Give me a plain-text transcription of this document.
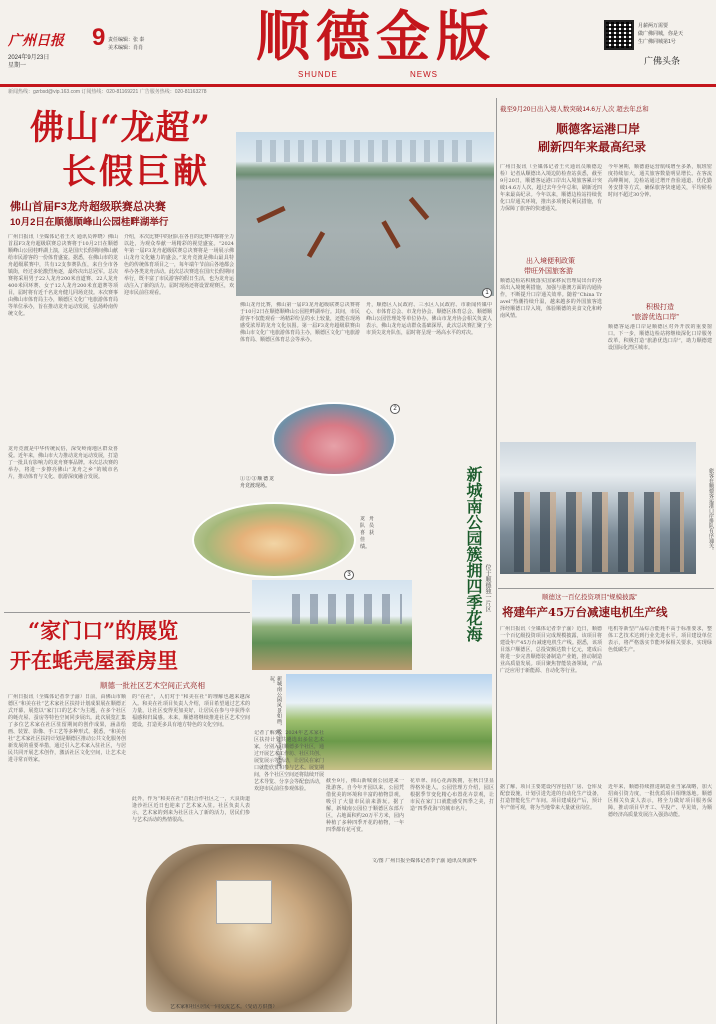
广州日报 9
2024年9月23日
星期一
责任编辑：张 泰
美术编辑：肖肖	顺德金版
SHUNDE	NEWS
月薪两万需要
做广佛同城，你是天
生广佛同城第1号
广佛头条
新闻热线：gzrbsd@vip.163.com 订阅热线：020-81169221 广告服务热线：020-81163278
佛山“龙超”
长假巨献
佛山首届F3龙舟超级联赛总决赛
10月2日在顺德顺峰山公园桂畔湖举行
广州日报讯（全媒体记者王火 通讯员钟晓）佛山首届F3龙舟超级联赛总决赛将于10月2日在顺德顺峰山公园桂畔湖上演，这是国庆长假期间佛山献给市民游客的一份体育盛宴。据悉，在佛山市的龙舟超级联赛中，共有12支参赛队伍，来自全市各镇街，经过多轮激烈角逐，最终决出总冠军。总决赛将采用男子22人龙舟200米直道赛、22人龙舟400米回环赛、女子12人龙舟200米直道赛等项目，届时将有近千名龙舟健儿同场竞技。本次赛事由佛山市体育局主办，顺德区文化广电旅游体育局等单位承办，旨在推动龙舟运动发展，弘扬岭南传统文化。
介绍，本次比赛中的团队在各自的比赛中都将全力以赴，为观众奉献一场精彩的视觉盛宴。“2024年第一届F3龙舟超级联赛总决赛将是一场展示佛山龙舟文化魅力的盛会。”龙舟竞渡是佛山最具特色的传统体育项目之一，每年端午节前后各地都会举办各类龙舟活动。此次总决赛选在国庆长假期间举行，既丰富了市民游客的假日生活，也为龙舟运动注入了新的活力。届时现场还将设置观赛区，欢迎市民前往观看。	1
佛山龙舟比赛，佛山第一届F3龙舟超级联赛总决赛将于10月2日在顺德顺峰山公园桂畔湖举行。其间，市民游客不仅能观看一场精彩纷呈的水上较量，还能在现场感受浓厚的龙舟文化氛围。第一届F3龙舟超级联赛由佛山市文化广电旅游体育局主办，顺德区文化广电旅游体育局、顺德区体育总会等承办。
舟，顺德区人民政府、三水区人民政府、市新闻传媒中心、市体育总会、市龙舟协会、顺德区体育总会、顺德顺峰山公园管理处等单位协办。佛山市龙舟协会相关负责人表示，佛山龙舟运动群众基础深厚，此次总决赛汇聚了全市顶尖龙舟队伍，届时将呈现一场高水平的对决。
龙舟竞渡是中华传统民俗，深受岭南地区群众喜爱。近年来，佛山市大力推动龙舟运动发展，打造了一批具有影响力的龙舟赛事品牌。本次总决赛的举办，将进一步擦亮佛山“龙舟之乡”的城市名片，推动体育与文化、旅游深度融合发展。
2
①②③顺德龙舟竞渡现场。
3
龙舟队员喜获佳绩。	新城南公园簇拥四季花海 位于顺德独一片区
新城南公园风景如画，吸引市民前来游玩。
“家门口”的展览
开在蚝壳屋蚕房里
顺德一批社区艺术空间正式亮相
广州日报讯（全媒体记者李子渝）日前，由佛山市顺德区“和美在社”艺术家社区扶持计划成果展在顺德正式开幕，展览以“家门口的艺术”为主题，在多个社区的蚝壳屋、蚕房等特色空间同步展出。此次展览汇集了多位艺术家在社区驻留期间的创作成果，涵盖绘画、装置、影像、手工艺等多种形式。据悉，“和美在社”艺术家社区扶持计划是顺德区推动公共文化服务创新发展的重要举措，通过引入艺术家入驻社区，与居民共同开展艺术创作，激活社区文化空间，让艺术走进寻常百姓家。
的“在社”，人们对于“和美在社”的理解也越来越深入。和美在社项目负责人介绍，项目希望通过艺术的力量，让社区变得更加美好，让居民在参与中获得幸福感和归属感。未来，顺德将继续推进社区艺术空间建设，打造更多具有地方特色的文化空间。
此外，作为“和美在社”首批合作社区之一，大良街道逢沙社区近日也迎来了艺术家入驻。社区负责人表示，艺术家的到来为社区注入了新的活力，居民们参与艺术活动的热情很高。
艺术家和社区居民一同交流艺术。（受访方供图）
记者了解到，2024年艺术家社区扶持计划共遴选出多位艺术家，分别入驻顺德多个社区，通过开展艺术工作坊、社区共创、展览展示等活动，让居民在家门口就能欣赏和参与艺术。展览期间，各个社区空间还将陆续开展艺术导览、分享会等配套活动，欢迎市民前往参观体验。
截至9月，佛山新城南公园迎来一批游客。自今年开园以来，公园凭借优美的环境和丰富的植物景观，吸引了大量市民前来游玩。据了解，新城南公园位于顺德区东部片区，占地面积约20万平方米，园内种植了多种四季开花的植物，一年四季都有花可赏。
花草翠、间心花海簇拥，在秋日里显得格外迷人。公园管理方介绍，园区根据季节变化精心布置花卉景观，让市民在家门口就能感受四季之美，打造“四季花海”的城市名片。
文/图 广州日报全媒体记者李子渝 通讯员黄淑华
截至9月20日出入境人数突破14.6万人次 超去年总和
顺德客运港口岸
刷新四年来最高纪录
广州日报讯（全媒体记者王火通讯员顺德边检）记者从顺德出入境边防检查站获悉，截至9月20日，顺德客运港口岸出入境旅客累计突破14.6万人次，超过去年全年总和，刷新近四年来最高纪录。今年以来，顺德边检站持续优化口岸通关环境，推出多项便民利民措施，有力保障了旅客的快速通关。
出入境便利政策
带旺外国旅客游
顺德边检站积极落实国家移民管理局出台的各项出入境便利措施，加强与港澳方面的沟通协作，不断提升口岸通关效率。随着“China Travel”热潮持续升温，越来越多的外国旅客选择经顺德口岸入境，体验顺德的美食文化和岭南风情。
今年暑期，顺德港运营航线增至多条，航班密度持续加大，通关旅客数量明显增长。在客流高峰期间，边检站通过增开查验通道、优化勤务安排等方式，确保旅客快速通关，平均候检时间不超过30分钟。
积极打造
“旅游优选口岸”
顺德客运港口岸是顺德区对外开放的重要窗口。下一步，顺德边检站将继续深化口岸服务改革，积极打造“旅游优选口岸”，助力顺德建设国际化湾区城市。
旅客在顺德客运港口岸排队有序通关。
顺德这一百亿投资项目“规模披露”
将建年产45万台减速电机生产线
广州日报讯（全媒体记者李子渝）近日，顺德一个百亿级投资项目完成规模披露，该项目将建设年产45万台减速电机生产线。据悉，该项目落户顺德区，总投资额达数十亿元，建成后将进一步完善顺德装备制造产业链，推动制造业高质量发展。项目聚焦智能装备领域，产品广泛应用于新能源、自动化等行业。
据了解，项目主要建设内容包括厂房、仓库及配套设施，计划引进先进的自动化生产设备，打造智能化生产车间。项目建成投产后，预计年产值可观，将为当地带来大量就业岗位。
电机等新型产品综合能耗不高于标准要求，整体工艺技术达到行业先进水平。项目建设单位表示，将严格落实节能环保相关要求，实现绿色低碳生产。
近年来，顺德持续推进制造业当家战略，加大招商引资力度，一批优质项目相继落地。顺德区相关负责人表示，将全力做好项目服务保障，推动项目早开工、早投产、早见效，为顺德经济高质量发展注入强劲动能。
